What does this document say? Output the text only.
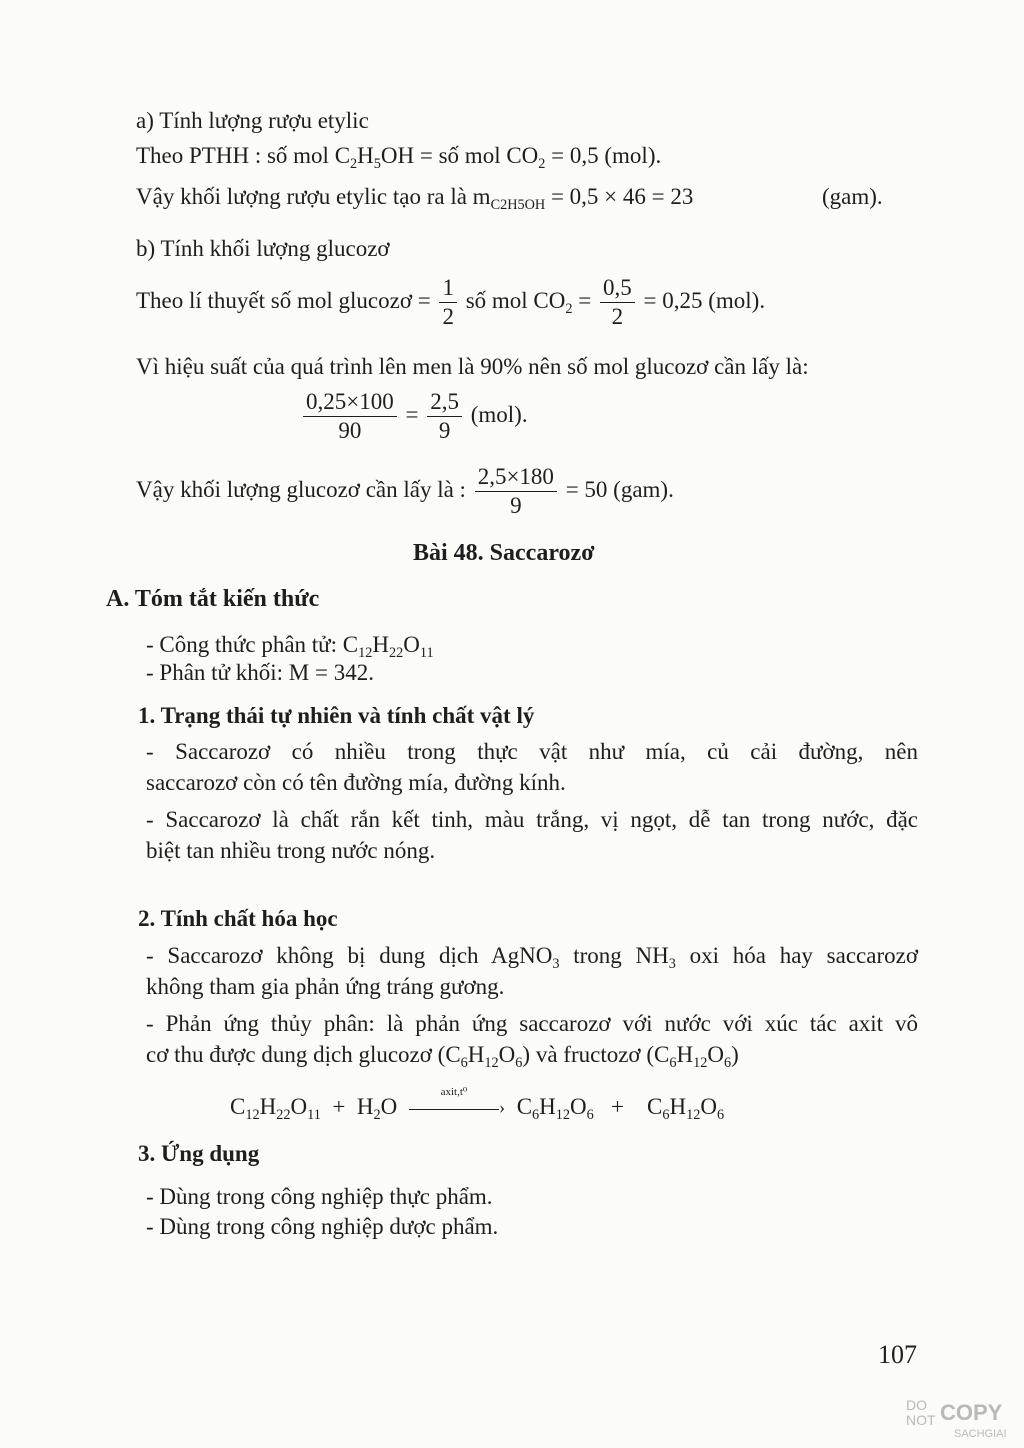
a) Tính lượng rượu etylic
Theo PTHH : số mol $C_2H_5OH$ = số mol $CO_2 = 0,5$ (mol).
Vậy khối lượng rượu etylic tạo ra là $m_{C2H5OH} = 0,5 \times 46 = 23$	(gam).
b) Tính khối lượng glucozơ
Theo lí thuyết số mol glucozơ = $\frac{1}{2}$ số mol $CO_2 = \frac{0,5}{2} = 0,25$ (mol).
Vì hiệu suất của quá trình lên men là 90% nên số mol glucozơ cần lấy là:
$\frac{0,25\times 100}{90} = \frac{2,5}{9} (mol)$.
Vậy khối lượng glucozơ cần lấy là : $\frac{2,5\times 180}{9} = 50$ (gam).
Bài 48. Saccarozơ
A. Tóm tắt kiến thức
- Công thức phân tử: $C_{12}H_{22}O_{11}$
- Phân tử khối: M = 342.
1. Trạng thái tự nhiên và tính chất vật lý
- Saccarozơ có nhiều trong thực vật như mía, củ cải đường, nên
saccarozơ còn có tên đường mía, đường kính.
- Saccarozơ là chất rắn kết tinh, màu trắng, vị ngọt, dễ tan trong nước, đặc
biệt tan nhiều trong nước nóng.
2. Tính chất hóa học
- Saccarozơ không bị dung dịch AgNO$_3$ trong $NH_3$ oxi hóa hay saccarozơ
không tham gia phản ứng tráng gương.
- Phản ứng thủy phân: là phản ứng saccarozơ với nước với xúc tác axit vô
cơ thu được dung dịch glucozơ $(C_6H_{12}O_6)$ và fructozơ $(C_6H_{12}O_6)$
$C_{12}H_{22}O_{11} + H_2O$
axit,t⁰
› $C_6H_{12}O_6 + C_6H_{12}O_6$
3. Ứng dụng
- Dùng trong công nghiệp thực phẩm.
- Dùng trong công nghiệp dược phẩm.
107
DO
NOT COPY
SACHGIAI
